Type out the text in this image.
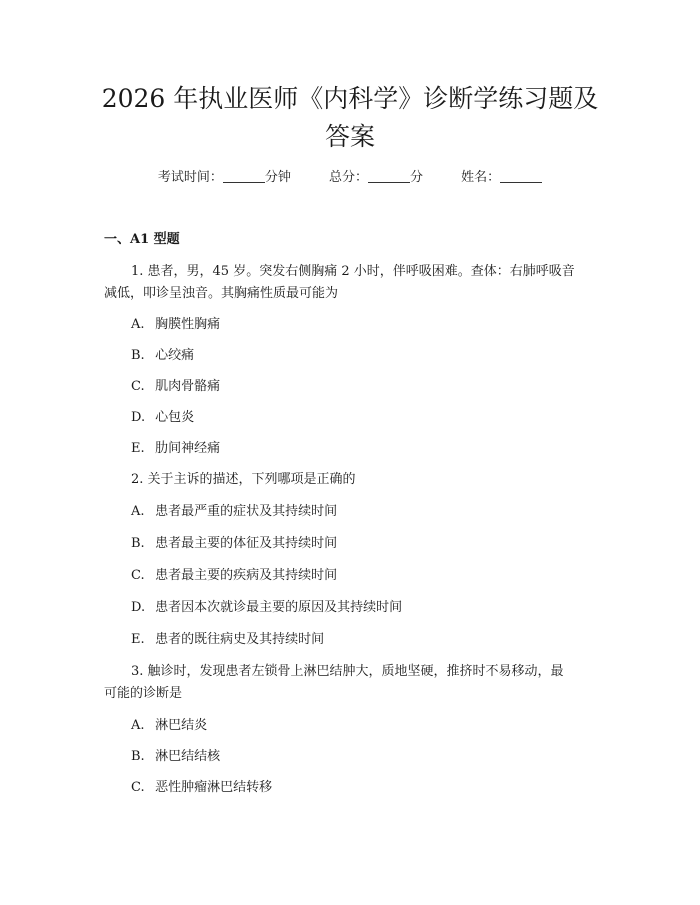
2026 年执业医师《内科学》诊断学练习题及
答案
考试时间：	分钟	总分：	分	姓名：
一、A1 型题
1. 患者，男，45 岁。突发右侧胸痛 2 小时，伴呼吸困难。查体：右肺呼吸音
减低，叩诊呈浊音。其胸痛性质最可能为
A. 胸膜性胸痛
B. 心绞痛
C. 肌肉骨骼痛
D. 心包炎
E. 肋间神经痛
2. 关于主诉的描述，下列哪项是正确的
A. 患者最严重的症状及其持续时间
B. 患者最主要的体征及其持续时间
C. 患者最主要的疾病及其持续时间
D. 患者因本次就诊最主要的原因及其持续时间
E. 患者的既往病史及其持续时间
3. 触诊时，发现患者左锁骨上淋巴结肿大，质地坚硬，推挤时不易移动，最
可能的诊断是
A. 淋巴结炎
B. 淋巴结结核
C. 恶性肿瘤淋巴结转移
